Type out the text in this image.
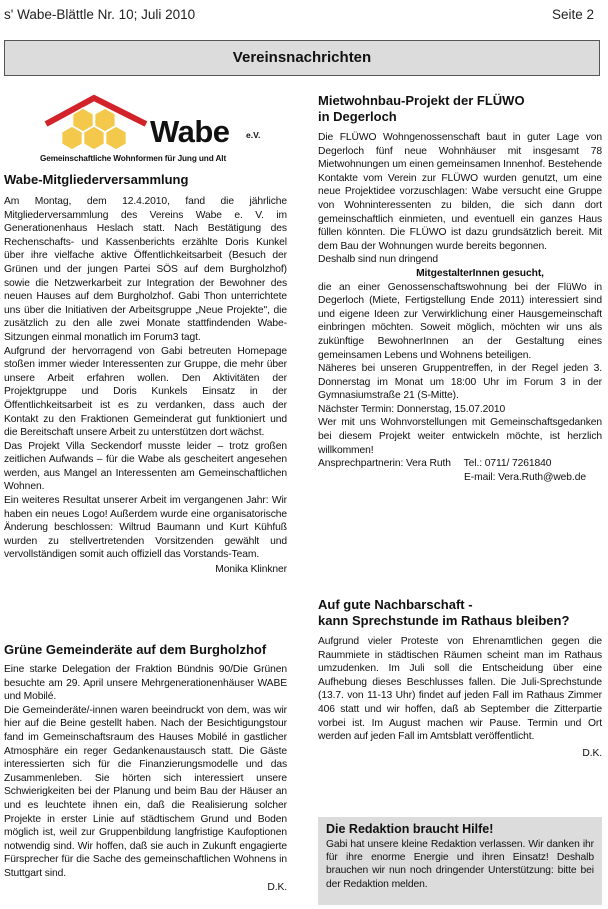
s' Wabe-Blättle Nr. 10; Juli 2010	Seite 2
Vereinsnachrichten
Wabe e.V.
Gemeinschaftliche Wohnformen für Jung und Alt
Wabe-Mitgliederversammlung

Am Montag, dem 12.4.2010, fand die jährliche Mitgliederversammlung des Vereins Wabe e. V. im Generationenhaus Heslach statt. Nach Bestätigung des Rechenschafts- und Kassenberichts erzählte Doris Kunkel über ihre vielfache aktive Öffentlichkeitsarbeit (Besuch der Grünen und der jungen Partei SÖS auf dem Burgholzhof) sowie die Netzwerkarbeit zur Integration der Bewohner des neuen Hauses auf dem Burgholzhof. Gabi Thon unterrichtete uns über die Initiativen der Arbeitsgruppe „Neue Projekte", die zusätzlich zu den alle zwei Monate stattfindenden Wabe-Sitzungen einmal monatlich im Forum3 tagt.

Aufgrund der hervorragend von Gabi betreuten Homepage stoßen immer wieder Interessenten zur Gruppe, die mehr über unsere Arbeit erfahren wollen. Den Aktivitäten der Projektgruppe und Doris Kunkels Einsatz in der Öffentlichkeitsarbeit ist es zu verdanken, dass auch der Kontakt zu den Fraktionen Gemeinderat gut funktioniert und die Bereitschaft unsere Arbeit zu unterstützen dort wächst.

Das Projekt Villa Seckendorf musste leider – trotz großen zeitlichen Aufwands – für die Wabe als gescheitert angesehen werden, aus Mangel an Interessenten am Gemeinschaftlichen Wohnen.

Ein weiteres Resultat unserer Arbeit im vergangenen Jahr: Wir haben ein neues Logo! Außerdem wurde eine organisatorische Änderung beschlossen: Wiltrud Baumann und Kurt Kühfuß wurden zu stellvertretenden Vorsitzenden gewählt und vervollständigen somit auch offiziell das Vorstands-Team.

Monika Klinkner

Grüne Gemeinderäte auf dem Burgholzhof

Eine starke Delegation der Fraktion Bündnis 90/Die Grünen besuchte am 29. April unsere Mehrgenerationenhäuser WABE und Mobilé.

Die Gemeinderäte/-innen waren beeindruckt von dem, was wir hier auf die Beine gestellt haben. Nach der Besichtigungstour fand im Gemeinschaftsraum des Hauses Mobilé in gastlicher Atmosphäre ein reger Gedankenaustausch statt. Die Gäste interessierten sich für die Finanzierungsmodelle und das Zusammenleben. Sie hörten sich interessiert unsere Schwierigkeiten bei der Planung und beim Bau der Häuser an und es leuchtete ihnen ein, daß die Realisierung solcher Projekte in erster Linie auf städtischem Grund und Boden möglich ist, weil zur Gruppenbildung langfristige Kaufoptionen notwendig sind. Wir hoffen, daß sie auch in Zukunft engagierte Fürsprecher für die Sache des gemeinschaftlichen Wohnens in Stuttgart sind.

D.K.

Mietwohnbau-Projekt der FLÜWO
in Degerloch

Die FLÜWO Wohngenossenschaft baut in guter Lage von Degerloch fünf neue Wohnhäuser mit insgesamt 78 Mietwohnungen um einen gemeinsamen Innenhof. Bestehende Kontakte vom Verein zur FLÜWO wurden genutzt, um eine neue Projektidee vorzuschlagen: Wabe versucht eine Gruppe von Wohninteressenten zu bilden, die sich dann dort gemeinschaftlich einmieten, und eventuell ein ganzes Haus füllen könnten. Die FLÜWO ist dazu grundsätzlich bereit. Mit dem Bau der Wohnungen wurde bereits begonnen.

Deshalb sind nun dringend

MitgestalterInnen gesucht,

die an einer Genossenschaftswohnung bei der FlüWo in Degerloch (Miete, Fertigstellung Ende 2011) interessiert sind und eigene Ideen zur Verwirklichung einer Hausgemeinschaft einbringen möchten. Soweit möglich, möchten wir uns als zukünftige BewohnerInnen an der Gestaltung eines gemeinsamen Lebens und Wohnens beteiligen.

Näheres bei unseren Gruppentreffen, in der Regel jeden 3. Donnerstag im Monat um 18:00 Uhr im Forum 3 in der Gymnasiumstraße 21 (S-Mitte).

Nächster Termin: Donnerstag, 15.07.2010

Wer mit uns Wohnvorstellungen mit Gemeinschaftsgedanken bei diesem Projekt weiter entwickeln möchte, ist herzlich willkommen!

Ansprechpartnerin: Vera Ruth Tel.: 0711/ 7261840

E-mail: Vera.Ruth@web.de

Auf gute Nachbarschaft -
kann Sprechstunde im Rathaus bleiben?

Aufgrund vieler Proteste von Ehrenamtlichen gegen die Raummiete in städtischen Räumen scheint man im Rathaus umzudenken. Im Juli soll die Entscheidung über eine Aufhebung dieses Beschlusses fallen. Die Juli-Sprechstunde (13.7. von 11-13 Uhr) findet auf jeden Fall im Rathaus Zimmer 406 statt und wir hoffen, daß ab September die Zitterpartie vorbei ist. Im August machen wir Pause. Termin und Ort werden auf jeden Fall im Amtsblatt veröffentlicht.

D.K.

Die Redaktion braucht Hilfe!
Gabi hat unsere kleine Redaktion verlassen. Wir danken ihr für ihre enorme Energie und ihren Einsatz! Deshalb brauchen wir nun noch dringender Unterstützung: bitte bei der Redaktion melden.
